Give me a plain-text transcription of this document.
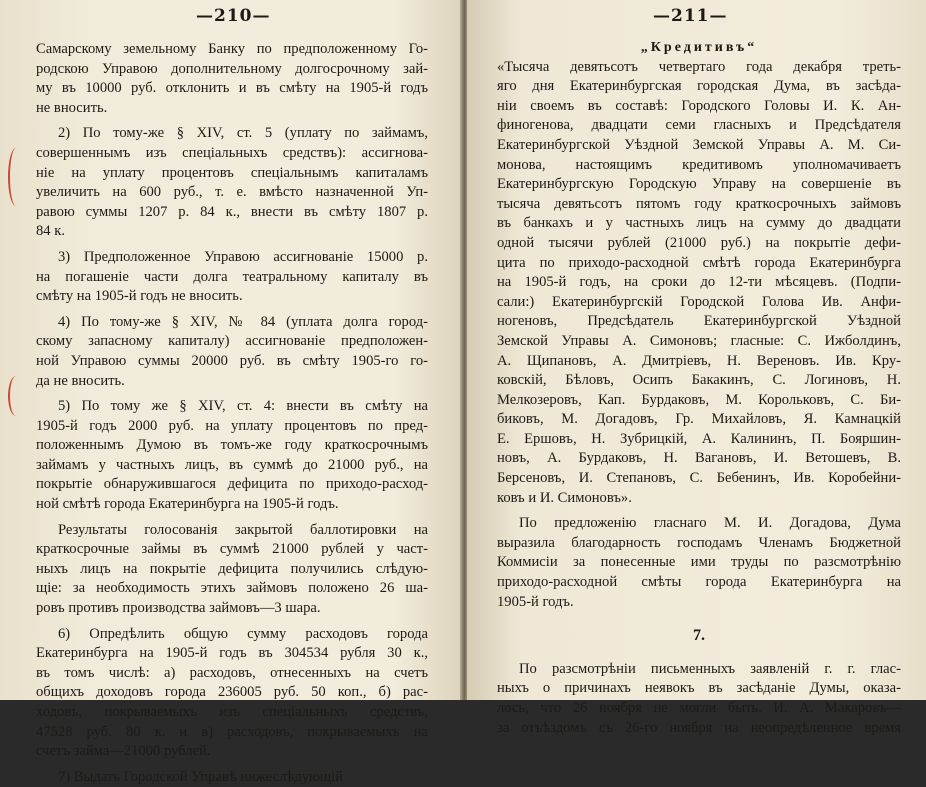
—210—
Самарскому земельному Банку по предположенному Го-
родскою Управою дополнительному долгосрочному зай-
му въ 10000 руб. отклонить и въ смѣту на 1905-й годъ
не вносить.
2) По тому-же § XIV, ст. 5 (уплату по займамъ,
совершеннымъ изъ спеціальныхъ средствъ): ассигнова-
ніе на уплату процентовъ спеціальнымъ капиталамъ
увеличить на 600 руб., т. е. вмѣсто назначенной Уп-
равою суммы 1207 р. 84 к., внести въ смѣту 1807 р.
84 к.
3) Предположенное Управою ассигнованіе 15000 р.
на погашеніе части долга театральному капиталу въ
смѣту на 1905-й годъ не вносить.
4) По тому-же § XIV, № 84 (уплата долга город-
скому запасному капиталу) ассигнованіе предположен-
ной Управою суммы 20000 руб. въ смѣту 1905-го го-
да не вносить.
5) По тому же § XIV, ст. 4: внести въ смѣту на
1905-й годъ 2000 руб. на уплату процентовъ по пред-
положеннымъ Думою въ томъ-же году краткосрочнымъ
займамъ у частныхъ лицъ, въ суммѣ до 21000 руб., на
покрытіе обнаружившагося дефицита по приходо-расход-
ной смѣтѣ города Екатеринбурга на 1905-й годъ.
Результаты голосованія закрытой баллотировки на
краткосрочные займы въ суммѣ 21000 рублей у част-
ныхъ лицъ на покрытіе дефицита получились слѣдую-
щіе: за необходимость этихъ займовъ положено 26 ша-
ровъ противъ производства займовъ—3 шара.
6) Опредѣлить общую сумму расходовъ города
Екатеринбурга на 1905-й годъ въ 304534 рубля 30 к.,
въ томъ числѣ: а) расходовъ, отнесенныхъ на счетъ
общихъ доходовъ города 236005 руб. 50 коп., б) рас-
ходовъ, покрываемыхъ изъ спеціальныхъ средствъ,
47528 руб. 80 к. и в) расходовъ, покрываемыхъ на
счетъ займа—21000 рублей.
7) Выдать Городской Управѣ нижеслѣдующій
—211—
„Кредитивъ“
«Тысяча девятьсотъ четвертаго года декабря треть-
яго дня Екатеринбургская городская Дума, въ засѣда-
ніи своемъ въ составѣ: Городского Головы И. К. Ан-
финогенова, двадцати семи гласныхъ и Предсѣдателя
Екатеринбургской Уѣздной Земской Управы А. М. Си-
монова, настоящимъ кредитивомъ уполномачиваетъ
Екатеринбургскую Городскую Управу на совершеніе въ
тысяча девятьсотъ пятомъ году краткосрочныхъ займовъ
въ банкахъ и у частныхъ лицъ на сумму до двадцати
одной тысячи рублей (21000 руб.) на покрытіе дефи-
цита по приходо-расходной смѣтѣ города Екатеринбурга
на 1905-й годъ, на сроки до 12-ти мѣсяцевъ. (Подпи-
сали:) Екатеринбургскій Городской Голова Ив. Анфи-
ногеновъ, Предсѣдатель Екатеринбургской Уѣздной
Земской Управы А. Симоновъ; гласные: С. Ижболдинъ,
А. Щипановъ, А. Дмитріевъ, Н. Вереновъ. Ив. Кру-
ковскій, Бѣловъ, Осипъ Бакакинъ, С. Логиновъ, Н.
Мелкозеровъ, Кап. Бурдаковъ, М. Корольковъ, С. Би-
биковъ, М. Догадовъ, Гр. Михайловъ, Я. Камнацкій
Е. Ершовъ, Н. Зубрицкій, А. Калининъ, П. Бояршин-
новъ, А. Бурдаковъ, Н. Вагановъ, И. Ветошевъ, В.
Берсеновъ, И. Степановъ, С. Бебенинъ, Ив. Коробейни-
ковъ и И. Симоновъ».
По предложенію гласнаго М. И. Догадова, Дума
выразила благодарность господамъ Членамъ Бюджетной
Коммисіи за понесенные ими труды по разсмотрѣнію
приходо-расходной смѣты города Екатеринбурга на
1905-й годъ.
7.
По разсмотрѣніи письменныхъ заявленій г. г. глас-
ныхъ о причинахъ неявокъ въ засѣданіе Думы, оказа-
лось, что 26 ноября не могли быть. И. А. Макаровъ—
за отъѣздомъ съ 26-го ноября на неопредѣленное время
